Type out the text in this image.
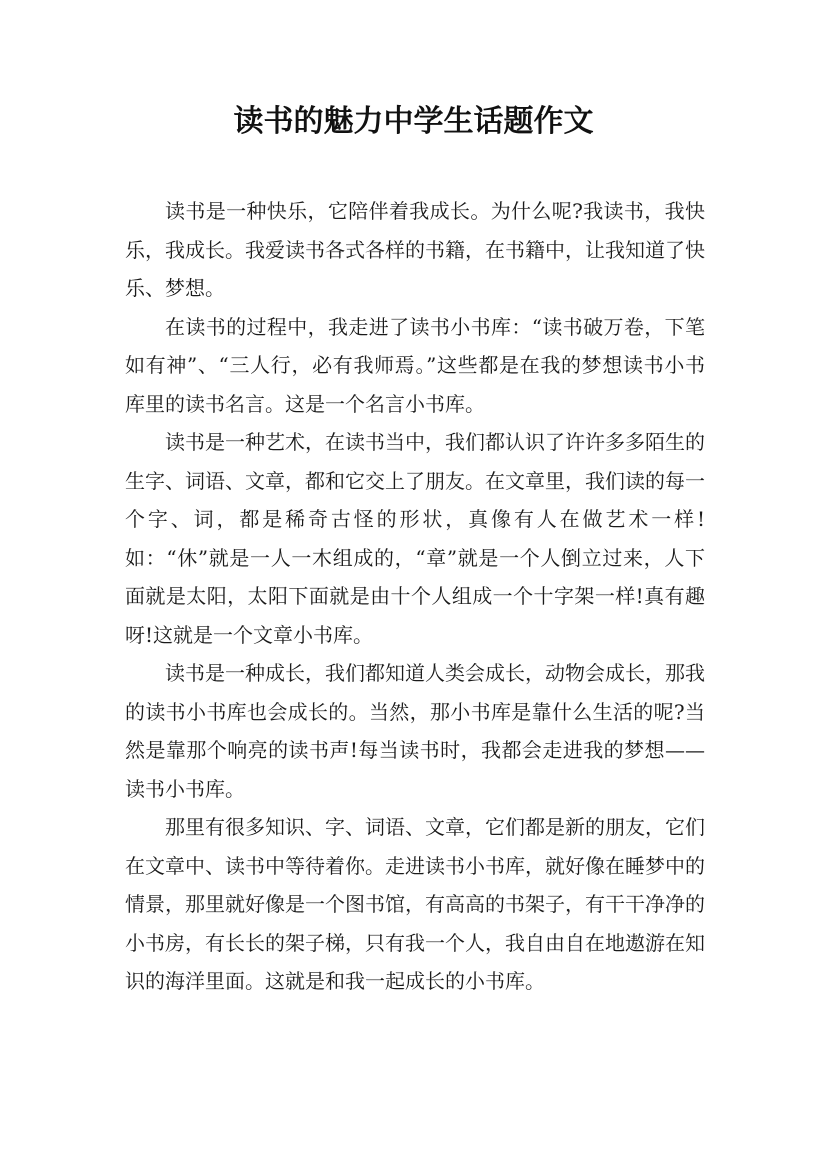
读书的魅力中学生话题作文

读书是一种快乐，它陪伴着我成长。为什么呢?我读书，我快乐，我成长。我爱读书各式各样的书籍，在书籍中，让我知道了快乐、梦想。

在读书的过程中，我走进了读书小书库：“读书破万卷，下笔如有神”、“三人行，必有我师焉。”这些都是在我的梦想读书小书库里的读书名言。这是一个名言小书库。

读书是一种艺术，在读书当中，我们都认识了许许多多陌生的生字、词语、文章，都和它交上了朋友。在文章里，我们读的每一个字、词，都是稀奇古怪的形状，真像有人在做艺术一样!如：“休”就是一人一木组成的，“章”就是一个人倒立过来，人下面就是太阳，太阳下面就是由十个人组成一个十字架一样!真有趣呀!这就是一个文章小书库。

读书是一种成长，我们都知道人类会成长，动物会成长，那我的读书小书库也会成长的。当然，那小书库是靠什么生活的呢?当然是靠那个响亮的读书声!每当读书时，我都会走进我的梦想——读书小书库。

那里有很多知识、字、词语、文章，它们都是新的朋友，它们在文章中、读书中等待着你。走进读书小书库，就好像在睡梦中的情景，那里就好像是一个图书馆，有高高的书架子，有干干净净的小书房，有长长的架子梯，只有我一个人，我自由自在地遨游在知识的海洋里面。这就是和我一起成长的小书库。
